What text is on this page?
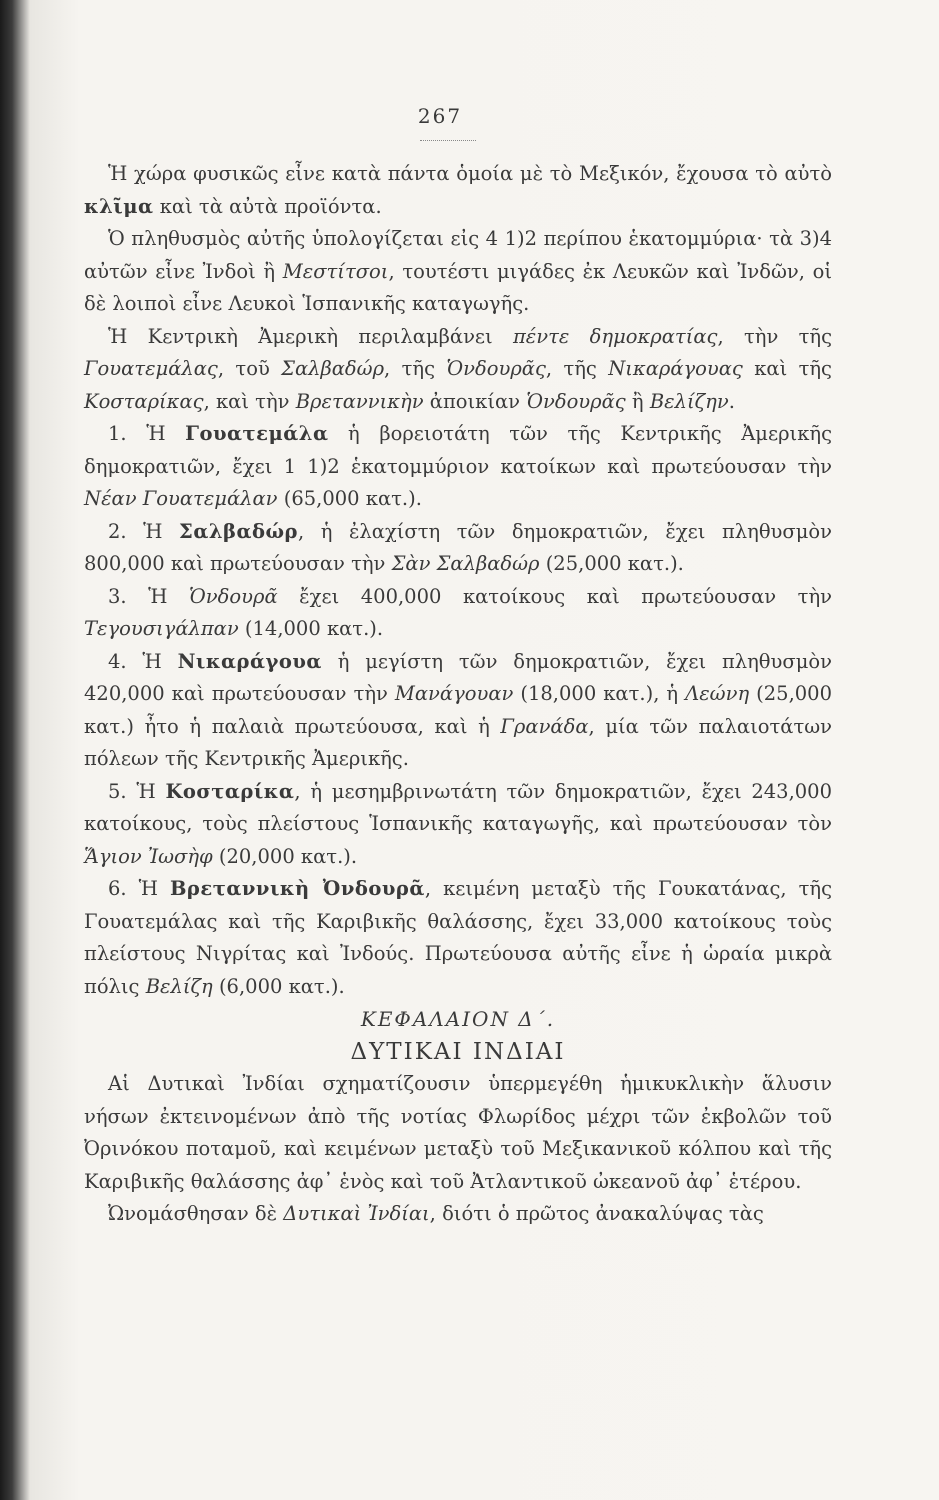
267

Ἡ χώρα φυσικῶς εἶνε κατὰ πάντα ὁμοία μὲ τὸ Μεξικόν, ἔχουσα τὸ αὐτὸ κλῖμα καὶ τὰ αὐτὰ προϊόντα.

Ὁ πληθυσμὸς αὐτῆς ὑπολογίζεται εἰς 4 1)2 περίπου ἑκατομμύρια· τὰ 3)4 αὐτῶν εἶνε Ἰνδοὶ ἢ Μεστίτσοι, τουτέστι μιγάδες ἐκ Λευκῶν καὶ Ἰνδῶν, οἱ δὲ λοιποὶ εἶνε Λευκοὶ Ἱσπανικῆς καταγωγῆς.

Ἡ Κεντρικὴ Ἀμερικὴ περιλαμβάνει πέντε δημοκρατίας, τὴν τῆς Γουατεμάλας, τοῦ Σαλβαδώρ, τῆς Ὁνδουρᾶς, τῆς Νικαράγουας καὶ τῆς Κοσταρίκας, καὶ τὴν Βρεταννικὴν ἀποικίαν Ὁνδουρᾶς ἢ Βελίζην.

1. Ἡ Γουατεμάλα ἡ βορειοτάτη τῶν τῆς Κεντρικῆς Ἀμερικῆς δημοκρατιῶν, ἔχει 1 1)2 ἑκατομμύριον κατοίκων καὶ πρωτεύουσαν τὴν Νέαν Γουατεμάλαν (65,000 κατ.).

2. Ἡ Σαλβαδώρ, ἡ ἐλαχίστη τῶν δημοκρατιῶν, ἔχει πληθυσμὸν 800,000 καὶ πρωτεύουσαν τὴν Σὰν Σαλβαδώρ (25,000 κατ.).

3. Ἡ Ὁνδουρᾶ ἔχει 400,000 κατοίκους καὶ πρωτεύουσαν τὴν Τεγουσιγάλπαν (14,000 κατ.).

4. Ἡ Νικαράγουα ἡ μεγίστη τῶν δημοκρατιῶν, ἔχει πληθυσμὸν 420,000 καὶ πρωτεύουσαν τὴν Μανάγουαν (18,000 κατ.), ἡ Λεώνη (25,000 κατ.) ἦτο ἡ παλαιὰ πρωτεύουσα, καὶ ἡ Γρανάδα, μία τῶν παλαιοτάτων πόλεων τῆς Κεντρικῆς Ἀμερικῆς.

5. Ἡ Κοσταρίκα, ἡ μεσημβρινωτάτη τῶν δημοκρατιῶν, ἔχει 243,000 κατοίκους, τοὺς πλείστους Ἱσπανικῆς καταγωγῆς, καὶ πρωτεύουσαν τὸν Ἅγιον Ἰωσὴφ (20,000 κατ.).

6. Ἡ Βρεταννικὴ Ὀνδουρᾶ, κειμένη μεταξὺ τῆς Γουκατάνας, τῆς Γουατεμάλας καὶ τῆς Καριβικῆς θαλάσσης, ἔχει 33,000 κατοίκους τοὺς πλείστους Νιγρίτας καὶ Ἰνδούς. Πρωτεύουσα αὐτῆς εἶνε ἡ ὡραία μικρὰ πόλις Βελίζη (6,000 κατ.).

ΚΕΦΑΛΑΙΟΝ Δ΄.

ΔΥΤΙΚΑΙ ΙΝΔΙΑΙ

Αἱ Δυτικαὶ Ἰνδίαι σχηματίζουσιν ὑπερμεγέθη ἡμικυκλικὴν ἅλυσιν νήσων ἐκτεινομένων ἀπὸ τῆς νοτίας Φλωρίδος μέχρι τῶν ἐκβολῶν τοῦ Ὀρινόκου ποταμοῦ, καὶ κειμένων μεταξὺ τοῦ Μεξικανικοῦ κόλπου καὶ τῆς Καριβικῆς θαλάσσης ἀφ᾽ ἑνὸς καὶ τοῦ Ἀτλαντικοῦ ὠκεανοῦ ἀφ᾽ ἑτέρου.

Ὠνομάσθησαν δὲ Δυτικαὶ Ἰνδίαι, διότι ὁ πρῶτος ἀνακαλύψας τὰς
